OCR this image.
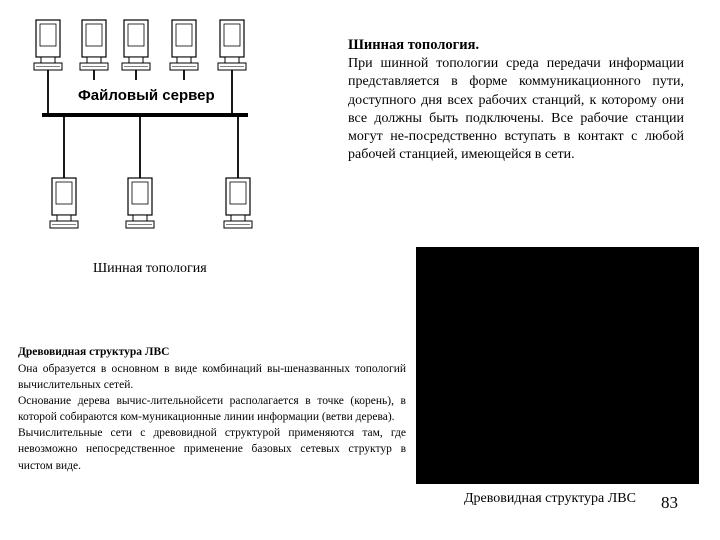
Файловый сервер
Шинная топология
Шинная топология.
При шинной топологии среда передачи информации представляется в форме коммуникационного пути, доступного дня всех рабочих станций, к которому они все должны быть подключены. Все рабочие станции могут не-посредственно вступать в контакт с любой рабочей станцией, имеющейся в сети.
Древовидная структура ЛВС

Она образуется в основном в виде комбинаций вы-шеназванных топологий вычислительных сетей.

Основание дерева вычис-лительнойсети располагается в точке (корень), в которой собираются ком-муникационные линии информации (ветви дерева).

Вычислительные сети с древовидной структурой применяются там, где невозможно непосредственное применение базовых сетевых структур в чистом виде.

Древовидная структура ЛВС 83
